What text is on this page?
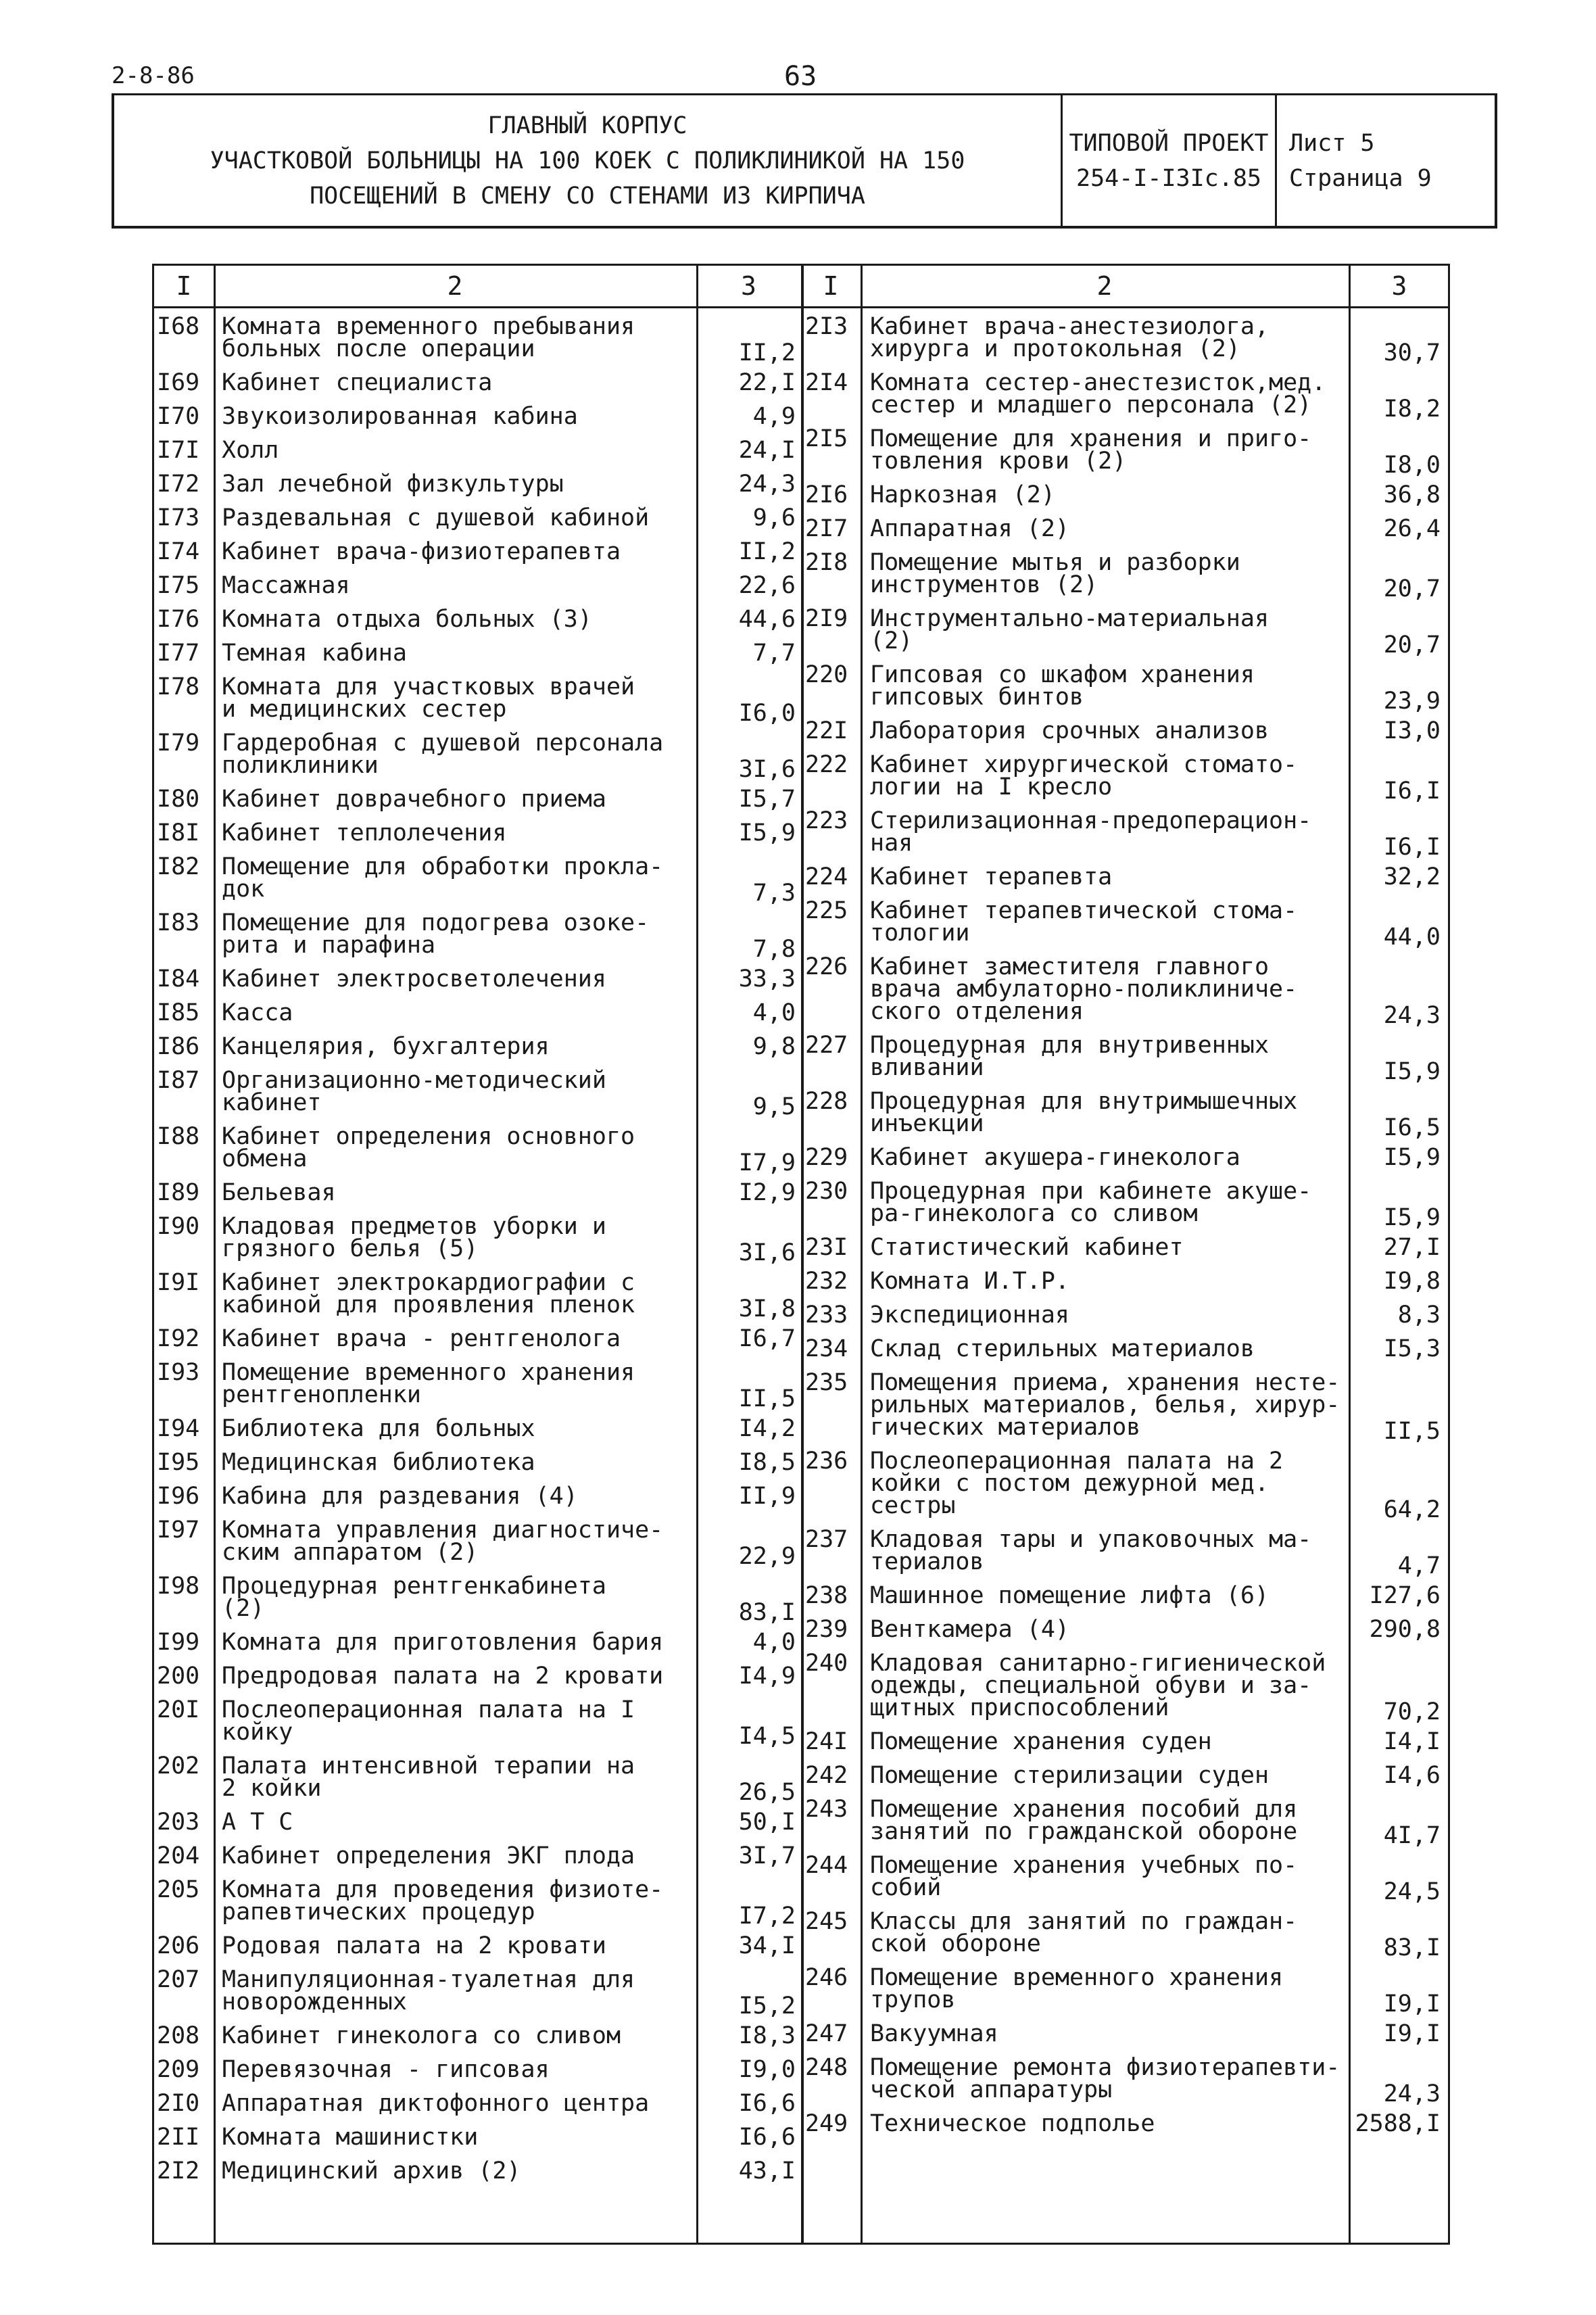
2-8-86	63
ГЛАВНЫЙ КОРПУС
УЧАСТКОВОЙ БОЛЬНИЦЫ НА 100 КОЕК С ПОЛИКЛИНИКОЙ НА 150
ПОСЕЩЕНИЙ В СМЕНУ СО СТЕНАМИ ИЗ КИРПИЧА
ТИПОВОЙ ПРОЕКТ
254-I-I3Ic.85
Лист 5
Страница 9
I	2	3	I	2	3
I68 Комната временного пребывания
больных после операции	II,2
I69 Кабинет специалиста	22,I
I70 Звукоизолированная кабина	4,9
I7I Холл	24,I
I72 Зал лечебной физкультуры	24,3
I73 Раздевальная с душевой кабиной	9,6
I74 Кабинет врача-физиотерапевта	II,2
I75 Массажная	22,6
I76 Комната отдыха больных (3)	44,6
I77 Темная кабина	7,7
I78 Комната для участковых врачей
и медицинских сестер	I6,0
I79 Гардеробная с душевой персонала
поликлиники	3I,6
I80 Кабинет доврачебного приема	I5,7
I8I Кабинет теплолечения	I5,9
I82 Помещение для обработки прокла-
док	7,3
I83 Помещение для подогрева озоке-
рита и парафина	7,8
I84 Кабинет электросветолечения	33,3
I85 Касса	4,0
I86 Канцелярия, бухгалтерия	9,8
I87 Организационно-методический
кабинет	9,5
I88 Кабинет определения основного
обмена	I7,9
I89 Бельевая	I2,9
I90 Кладовая предметов уборки и
грязного белья (5)	3I,6
I9I Кабинет электрокардиографии с
кабиной для проявления пленок	3I,8
I92 Кабинет врача - рентгенолога	I6,7
I93 Помещение временного хранения
рентгенопленки	II,5
I94 Библиотека для больных	I4,2
I95 Медицинская библиотека	I8,5
I96 Кабина для раздевания (4)	II,9
I97 Комната управления диагностиче-
ским аппаратом (2)	22,9
I98 Процедурная рентгенкабинета
(2)	83,I
I99 Комната для приготовления бария	4,0
200 Предродовая палата на 2 кровати	I4,9
20I Послеоперационная палата на I
койку	I4,5
202 Палата интенсивной терапии на
2 койки	26,5
203 А Т С	50,I
204 Кабинет определения ЭКГ плода	3I,7
205 Комната для проведения физиоте-
рапевтических процедур	I7,2
206 Родовая палата на 2 кровати	34,I
207 Манипуляционная-туалетная для
новорожденных	I5,2
208 Кабинет гинеколога со сливом	I8,3
209 Перевязочная - гипсовая	I9,0
2I0 Аппаратная диктофонного центра	I6,6
2II Комната машинистки	I6,6
2I2 Медицинский архив (2)	43,I
2I3 Кабинет врача-анестезиолога,
хирурга и протокольная (2)	30,7
2I4 Комната сестер-анестезисток,мед.
сестер и младшего персонала (2)	I8,2
2I5 Помещение для хранения и приго-
товления крови (2)	I8,0
2I6 Наркозная (2)	36,8
2I7 Аппаратная (2)	26,4
2I8 Помещение мытья и разборки
инструментов (2)	20,7
2I9 Инструментально-материальная
(2)	20,7
220 Гипсовая со шкафом хранения
гипсовых бинтов	23,9
22I Лаборатория срочных анализов	I3,0
222 Кабинет хирургической стомато-
логии на I кресло	I6,I
223 Стерилизационная-предоперацион-
ная	I6,I
224 Кабинет терапевта	32,2
225 Кабинет терапевтической стома-
тологии	44,0
226 Кабинет заместителя главного
врача амбулаторно-поликлиниче-
ского отделения	24,3
227 Процедурная для внутривенных
вливаний	I5,9
228 Процедурная для внутримышечных
инъекций	I6,5
229 Кабинет акушера-гинеколога	I5,9
230 Процедурная при кабинете акуше-
ра-гинеколога со сливом	I5,9
23I Статистический кабинет	27,I
232 Комната И.Т.Р.	I9,8
233 Экспедиционная	8,3
234 Склад стерильных материалов	I5,3
235 Помещения приема, хранения несте-
рильных материалов, белья, хирур-
гических материалов	II,5
236 Послеоперационная палата на 2
койки с постом дежурной мед.
сестры	64,2
237 Кладовая тары и упаковочных ма-
териалов	4,7
238 Машинное помещение лифта (6)	I27,6
239 Венткамера (4)	290,8
240 Кладовая санитарно-гигиенической
одежды, специальной обуви и за-
щитных приспособлений	70,2
24I Помещение хранения суден	I4,I
242 Помещение стерилизации суден	I4,6
243 Помещение хранения пособий для
занятий по гражданской обороне	4I,7
244 Помещение хранения учебных по-
собий	24,5
245 Классы для занятий по граждан-
ской обороне	83,I
246 Помещение временного хранения
трупов	I9,I
247 Вакуумная	I9,I
248 Помещение ремонта физиотерапевти-
ческой аппаратуры	24,3
249 Техническое подполье	2588,I
